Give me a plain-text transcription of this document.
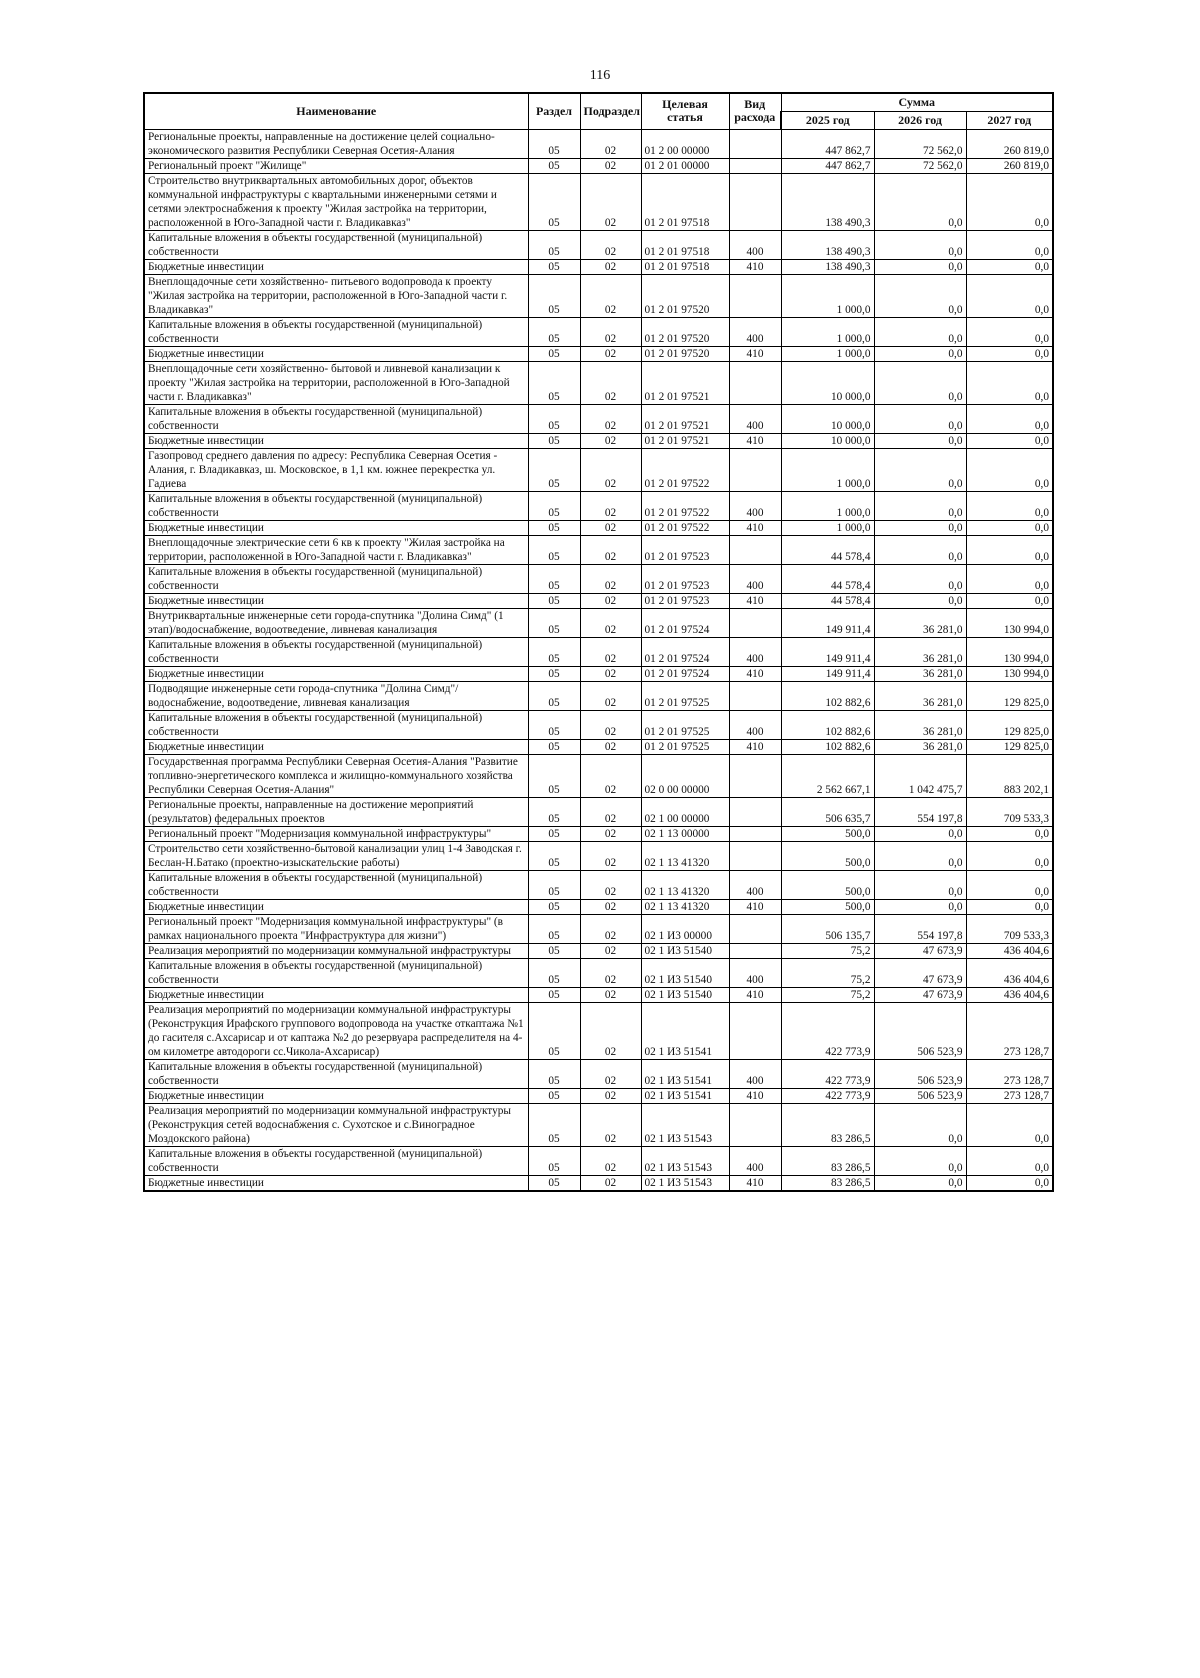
116
Наименование	Раздел	Подраздел	Целевая статья	Вид расхода	Сумма		
					2025 год	2026 год	2027 год
Региональные проекты, направленные на достижение целей социально-экономического развития Республики Северная Осетия-Алания	05	02	01 2 00 00000		447 862,7	72 562,0	260 819,0
Региональный проект "Жилище"	05	02	01 2 01 00000		447 862,7	72 562,0	260 819,0
Строительство внутриквартальных автомобильных дорог, объектов коммунальной инфраструктуры с квартальными инженерными сетями и сетями электроснабжения к проекту "Жилая застройка на территории, расположенной в Юго-Западной части г. Владикавказ"	05	02	01 2 01 97518		138 490,3	0,0	0,0
Капитальные вложения в объекты государственной (муниципальной) собственности	05	02	01 2 01 97518	400	138 490,3	0,0	0,0
Бюджетные инвестиции	05	02	01 2 01 97518	410	138 490,3	0,0	0,0
Внеплощадочные сети хозяйственно- питьевого водопровода к проекту "Жилая застройка на территории, расположенной в Юго-Западной части г. Владикавказ"	05	02	01 2 01 97520		1 000,0	0,0	0,0
Капитальные вложения в объекты государственной (муниципальной) собственности	05	02	01 2 01 97520	400	1 000,0	0,0	0,0
Бюджетные инвестиции	05	02	01 2 01 97520	410	1 000,0	0,0	0,0
Внеплощадочные сети хозяйственно- бытовой и ливневой канализации к проекту "Жилая застройка на территории, расположенной в Юго-Западной части г. Владикавказ"	05	02	01 2 01 97521		10 000,0	0,0	0,0
Капитальные вложения в объекты государственной (муниципальной) собственности	05	02	01 2 01 97521	400	10 000,0	0,0	0,0
Бюджетные инвестиции	05	02	01 2 01 97521	410	10 000,0	0,0	0,0
Газопровод среднего давления по адресу: Республика Северная Осетия - Алания, г. Владикавказ, ш. Московское, в 1,1 км. южнее перекрестка ул. Гадиева	05	02	01 2 01 97522		1 000,0	0,0	0,0
Капитальные вложения в объекты государственной (муниципальной) собственности	05	02	01 2 01 97522	400	1 000,0	0,0	0,0
Бюджетные инвестиции	05	02	01 2 01 97522	410	1 000,0	0,0	0,0
Внеплощадочные электрические сети 6 кв к проекту "Жилая застройка на территории, расположенной в Юго-Западной части г. Владикавказ"	05	02	01 2 01 97523		44 578,4	0,0	0,0
Капитальные вложения в объекты государственной (муниципальной) собственности	05	02	01 2 01 97523	400	44 578,4	0,0	0,0
Бюджетные инвестиции	05	02	01 2 01 97523	410	44 578,4	0,0	0,0
Внутриквартальные инженерные сети города-спутника "Долина Симд" (1 этап)/водоснабжение, водоотведение, ливневая канализация	05	02	01 2 01 97524		149 911,4	36 281,0	130 994,0
Капитальные вложения в объекты государственной (муниципальной) собственности	05	02	01 2 01 97524	400	149 911,4	36 281,0	130 994,0
Бюджетные инвестиции	05	02	01 2 01 97524	410	149 911,4	36 281,0	130 994,0
Подводящие инженерные сети города-спутника "Долина Симд"/ водоснабжение, водоотведение, ливневая канализация	05	02	01 2 01 97525		102 882,6	36 281,0	129 825,0
Капитальные вложения в объекты государственной (муниципальной) собственности	05	02	01 2 01 97525	400	102 882,6	36 281,0	129 825,0
Бюджетные инвестиции	05	02	01 2 01 97525	410	102 882,6	36 281,0	129 825,0
Государственная программа Республики Северная Осетия-Алания "Развитие топливно-энергетического комплекса и жилищно-коммунального хозяйства Республики Северная Осетия-Алания"	05	02	02 0 00 00000		2 562 667,1	1 042 475,7	883 202,1
Региональные проекты, направленные на достижение мероприятий (результатов) федеральных проектов	05	02	02 1 00 00000		506 635,7	554 197,8	709 533,3
Региональный проект "Модернизация коммунальной инфраструктуры"	05	02	02 1 13 00000		500,0	0,0	0,0
Строительство сети хозяйственно-бытовой канализации улиц 1-4 Заводская г. Беслан-Н.Батако (проектно-изыскательские работы)	05	02	02 1 13 41320		500,0	0,0	0,0
Капитальные вложения в объекты государственной (муниципальной) собственности	05	02	02 1 13 41320	400	500,0	0,0	0,0
Бюджетные инвестиции	05	02	02 1 13 41320	410	500,0	0,0	0,0
Региональный проект "Модернизация коммунальной инфраструктуры" (в рамках национального проекта "Инфраструктура для жизни")	05	02	02 1 И3 00000		506 135,7	554 197,8	709 533,3
Реализация мероприятий по модернизации коммунальной инфраструктуры	05	02	02 1 И3 51540		75,2	47 673,9	436 404,6
Капитальные вложения в объекты государственной (муниципальной) собственности	05	02	02 1 И3 51540	400	75,2	47 673,9	436 404,6
Бюджетные инвестиции	05	02	02 1 И3 51540	410	75,2	47 673,9	436 404,6
Реализация мероприятий по модернизации коммунальной инфраструктуры (Реконструкция Ирафского группового водопровода на участке откаптажа №1 до гасителя с.Ахсарисар и от каптажа №2 до резервуара распределителя на 4-ом километре автодороги сс.Чикола-Ахсарисар)	05	02	02 1 И3 51541		422 773,9	506 523,9	273 128,7
Капитальные вложения в объекты государственной (муниципальной) собственности	05	02	02 1 И3 51541	400	422 773,9	506 523,9	273 128,7
Бюджетные инвестиции	05	02	02 1 И3 51541	410	422 773,9	506 523,9	273 128,7
Реализация мероприятий по модернизации коммунальной инфраструктуры (Реконструкция сетей водоснабжения с. Сухотское и с.Виноградное Моздокского района)	05	02	02 1 И3 51543		83 286,5	0,0	0,0
Капитальные вложения в объекты государственной (муниципальной) собственности	05	02	02 1 И3 51543	400	83 286,5	0,0	0,0
Бюджетные инвестиции	05	02	02 1 И3 51543	410	83 286,5	0,0	0,0
